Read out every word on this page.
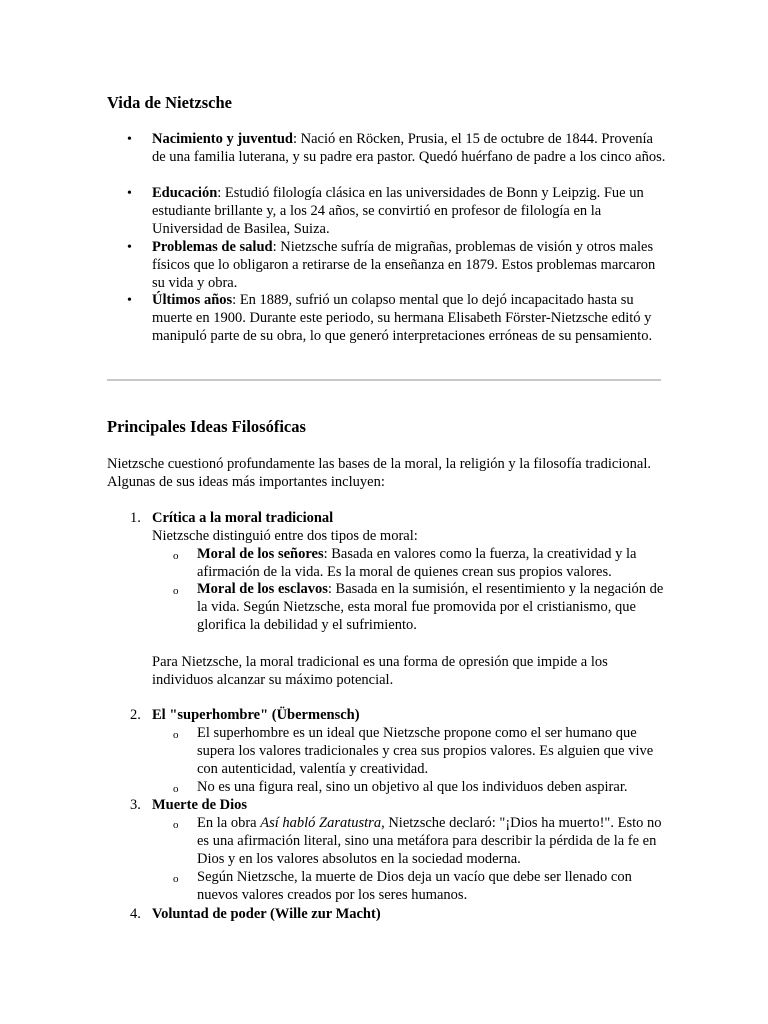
Vida de Nietzsche
• Nacimiento y juventud: Nació en Röcken, Prusia, el 15 de octubre de 1844. Provenía de una familia luterana, y su padre era pastor. Quedó huérfano de padre a los cinco años.

• Educación: Estudió filología clásica en las universidades de Bonn y Leipzig. Fue un estudiante brillante y, a los 24 años, se convirtió en profesor de filología en la Universidad de Basilea, Suiza.

• Problemas de salud: Nietzsche sufría de migrañas, problemas de visión y otros males físicos que lo obligaron a retirarse de la enseñanza en 1879. Estos problemas marcaron su vida y obra.

• Últimos años: En 1889, sufrió un colapso mental que lo dejó incapacitado hasta su muerte en 1900. Durante este periodo, su hermana Elisabeth Förster-Nietzsche editó y manipuló parte de su obra, lo que generó interpretaciones erróneas de su pensamiento.

Principales Ideas Filosóficas

Nietzsche cuestionó profundamente las bases de la moral, la religión y la filosofía tradicional. Algunas de sus ideas más importantes incluyen:

1. Crítica a la moral tradicional

Nietzsche distinguió entre dos tipos de moral:

o Moral de los señores: Basada en valores como la fuerza, la creatividad y la afirmación de la vida. Es la moral de quienes crean sus propios valores.

o Moral de los esclavos: Basada en la sumisión, el resentimiento y la negación de la vida. Según Nietzsche, esta moral fue promovida por el cristianismo, que glorifica la debilidad y el sufrimiento.

Para Nietzsche, la moral tradicional es una forma de opresión que impide a los individuos alcanzar su máximo potencial.

2. El "superhombre" (Übermensch)

o El superhombre es un ideal que Nietzsche propone como el ser humano que supera los valores tradicionales y crea sus propios valores. Es alguien que vive con autenticidad, valentía y creatividad.

o No es una figura real, sino un objetivo al que los individuos deben aspirar.

3. Muerte de Dios

o En la obra Así habló Zaratustra, Nietzsche declaró: "¡Dios ha muerto!". Esto no es una afirmación literal, sino una metáfora para describir la pérdida de la fe en Dios y en los valores absolutos en la sociedad moderna.

o Según Nietzsche, la muerte de Dios deja un vacío que debe ser llenado con nuevos valores creados por los seres humanos.

4. Voluntad de poder (Wille zur Macht)
